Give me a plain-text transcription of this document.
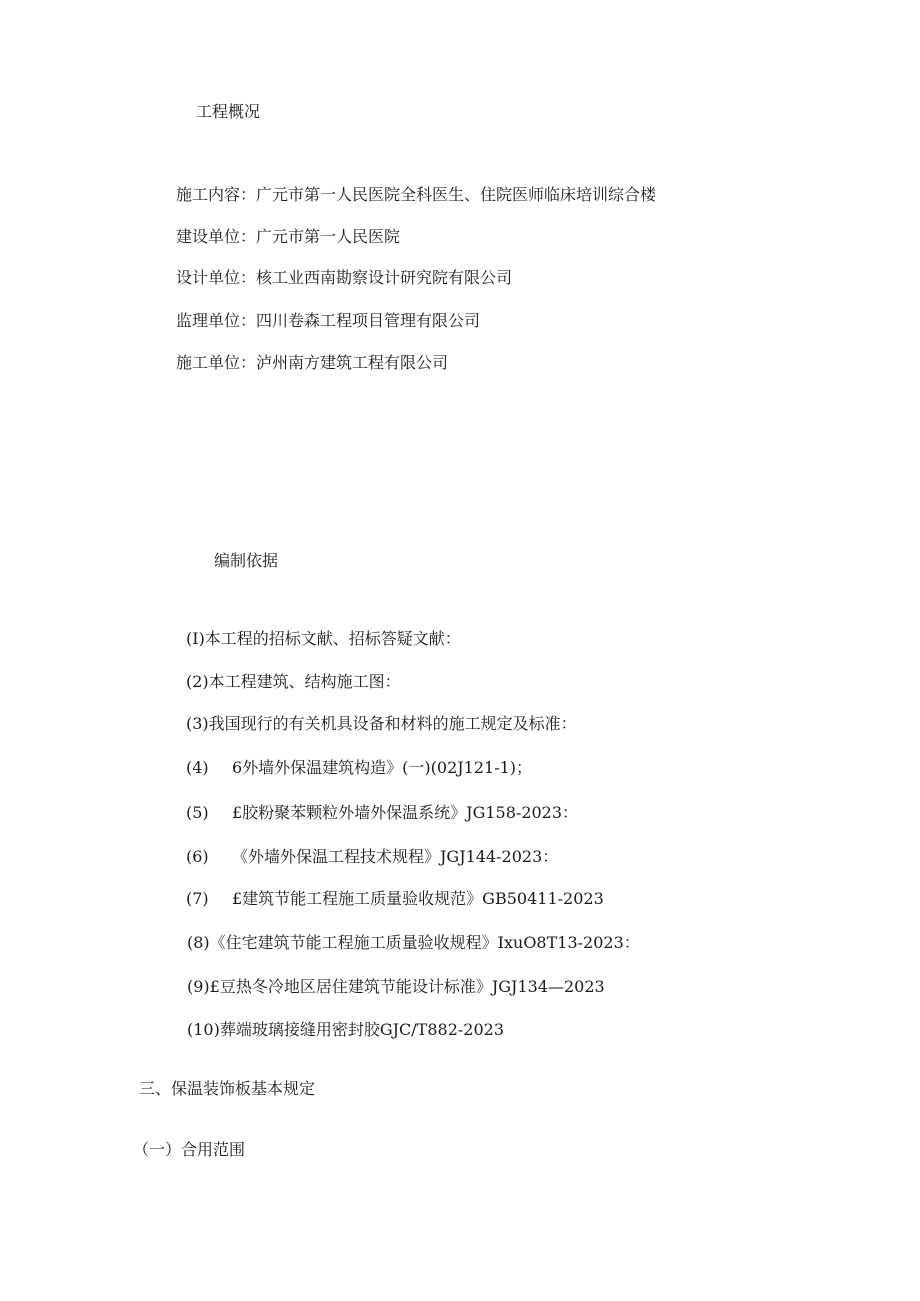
工程概况
施工内容：广元市第一人民医院全科医生、住院医师临床培训综合楼
建设单位：广元市第一人民医院
设计单位：核工业西南勘察设计研究院有限公司
监理单位：四川卷森工程项目管理有限公司
施工单位：泸州南方建筑工程有限公司
编制依据
(I)本工程的招标文献、招标答疑文献：
(2)本工程建筑、结构施工图：
(3)我国现行的有关机具设备和材料的施工规定及标准：
(4) 6外墙外保温建筑构造》(一)(02J121-1)；
(5) £胶粉聚苯颗粒外墙外保温系统》JG158-2023：
(6) 《外墙外保温工程技术规程》JGJ144-2023：
(7) £建筑节能工程施工质量验收规范》GB50411-2023
(8)《住宅建筑节能工程施工质量验收规程》IxuO8T13-2023：
(9)£豆热冬冷地区居住建筑节能设计标准》JGJ134—2023
(10)葬端玻璃接缝用密封胶GJC/T882-2023
三、保温装饰板基本规定
（一）合用范围
